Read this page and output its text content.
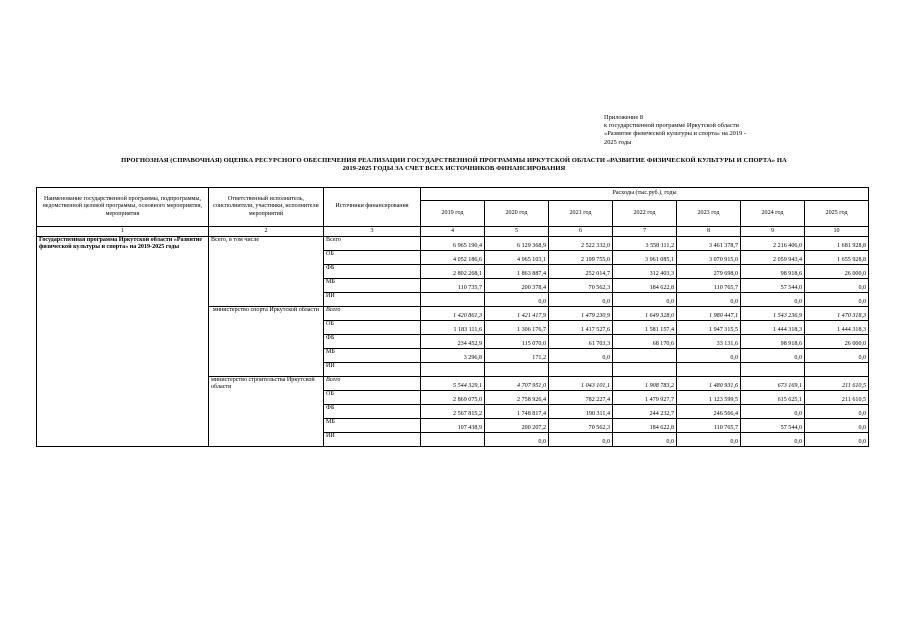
Приложение 8
к государственной программе Иркутской области
«Развитие физической культуры и спорта» на 2019 -
2025 годы
ПРОГНОЗНАЯ (СПРАВОЧНАЯ) ОЦЕНКА РЕСУРСНОГО ОБЕСПЕЧЕНИЯ РЕАЛИЗАЦИИ ГОСУДАРСТВЕННОЙ ПРОГРАММЫ ИРКУТСКОЙ ОБЛАСТИ «РАЗВИТИЕ ФИЗИЧЕСКОЙ КУЛЬТУРЫ И СПОРТА» НА
2019-2025 ГОДЫ ЗА СЧЕТ ВСЕХ ИСТОЧНИКОВ ФИНАНСИРОВАНИЯ
Наименование государственной программы, подпрограммы, ведомственной целевой программы, основного мероприятия, мероприятия	Ответственный исполнитель, соисполнители, участники, исполнители мероприятий	Источники финансирования	Расходы (тыс.руб.), годы						
			2019 год	2020 год	2021 год	2022 год	2023 год	2024 год	2025 год
1	2	3	4	5	6	7	8	9	10
Государственная программа Иркутской области «Развитие физической культуры и спорта» на 2019-2025 годы	Всего, в том числе	Всего	6 965 190,4	6 129 368,9	2 522 332,0	3 558 111,2	3 461 378,7	2 216 406,0	1 681 928,8
		ОБ	4 052 186,6	4 065 103,1	2 199 755,0	3 061 085,1	3 070 915,0	2 059 943,4	1 655 928,8
		ФБ	2 802 268,1	1 863 887,4	252 014,7	312 403,3	279 698,0	98 918,6	26 000,0
		МБ	110 735,7	200 378,4	70 562,3	184 622,8	110 765,7	57 544,0	0,0
		ИИ		0,0	0,0	0,0	0,0	0,0	0,0
	министерство спорта Иркутской области	Всего	1 420 861,3	1 421 417,9	1 479 230,9	1 649 328,0	1 980 447,1	1 543 236,9	1 470 318,3
		ОБ	1 183 111,6	1 306 176,7	1 417 527,6	1 581 157,4	1 947 315,5	1 444 318,3	1 444 318,3
		ФБ	234 452,9	115 070,0	61 703,3	68 170,6	33 131,6	98 918,6	26 000,0
		МБ	3 296,8	171,2	0,0		0,0	0,0	0,0
		ИИ							
	министерство строительства Иркутской области	Всего	5 544 329,1	4 707 951,0	1 043 101,1	1 908 783,2	1 480 931,6	673 169,1	211 610,5
		ОБ	2 869 075,0	2 758 926,4	782 227,4	1 479 927,7	1 123 599,5	615 625,1	211 610,5
		ФБ	2 567 815,2	1 748 817,4	190 311,4	244 232,7	246 566,4	0,0	0,0
		МБ	107 438,9	200 207,2	70 562,3	184 622,8	110 765,7	57 544,0	0,0
		ИИ		0,0	0,0	0,0	0,0	0,0	0,0
